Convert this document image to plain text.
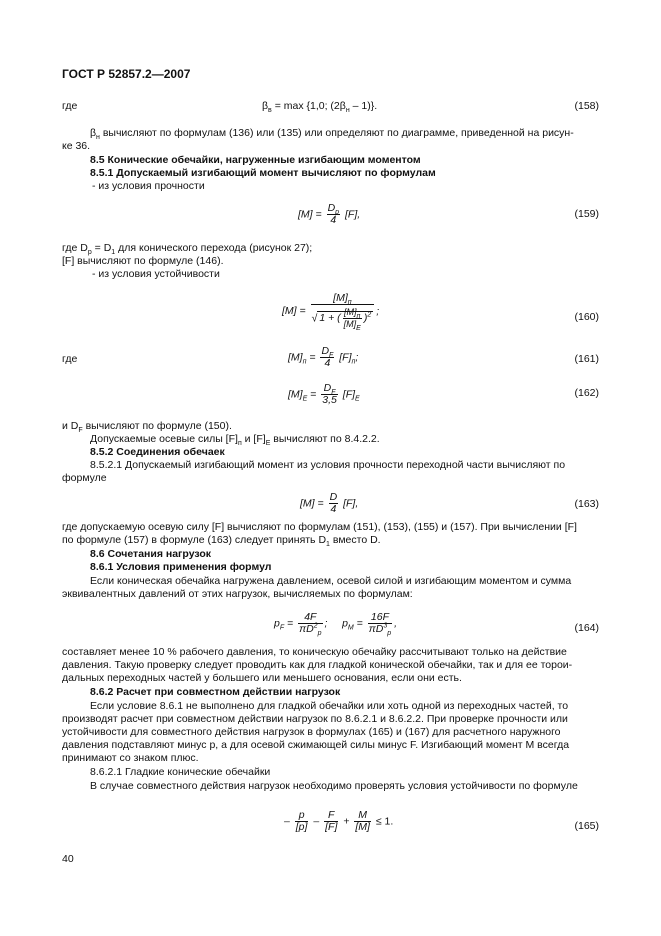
ГОСТ Р 52857.2—2007
где	$\beta_в = \max \{1,0$; $(2\beta_н - 1)$}.	(158)
$\beta_н$ вычисляют по формулам (136) или (135) или определяют по диаграмме, приведенной на рисун-
ке 36.
8.5 Конические обечайки, нагруженные изгибающим моментом
8.5.1 Допускаемый изгибающий момент вычисляют по формулам
- из условия прочности
$[M] = \frac{D_p}{4} [F]$,	(159)
где $D_p = D_1$ для конического перехода (рисунок 27);
[F] вычисляют по формуле (146).
- из условия устойчивости
$[M] = \frac{[M]_п}{√ 1 + ( \frac{[M]_п}{[M]_E} )^2}$ ;	(160)
где	$[M]_п = \frac{D_F}{4} [F]_п$;	(161)
$[M]_E = \frac{D_F}{3,5} [F]_E$	(162)
и $D_F$ вычисляют по формуле (150).
Допускаемые осевые силы $[F]_п$ и $[F]_E$ вычисляют по 8.4.2.2.
8.5.2 Соединения обечаек
8.5.2.1 Допускаемый изгибающий момент из условия прочности переходной части вычисляют по
формуле
$[M] = \frac{D}{4} [F]$,	(163)
где допускаемую осевую силу [F] вычисляют по формулам (151), (153), (155) и (157). При вычислении [F]
по формуле (157) в формуле (163) следует принять $D_1$ вместо D.
8.6 Сочетания нагрузок
8.6.1 Условия применения формул
Если коническая обечайка нагружена давлением, осевой силой и изгибающим моментом и сумма
эквивалентных давлений от этих нагрузок, вычисляемых по формулам:
$p_F = \frac{4F}{\pi D^2_p}$ ; $p_M = \frac{16F}{\pi D^3_p}$ ,	(164)
составляет менее 10 % рабочего давления, то коническую обечайку рассчитывают только на действие
давления. Такую проверку следует проводить как для гладкой конической обечайки, так и для ее торои-
дальных переходных частей у большего или меньшего основания, если они есть.
8.6.2 Расчет при совместном действии нагрузок
Если условие 8.6.1 не выполнено для гладкой обечайки или хоть одной из переходных частей, то
производят расчет при совместном действии нагрузок по 8.6.2.1 и 8.6.2.2. При проверке прочности или
устойчивости для совместного действия нагрузок в формулах (165) и (167) для расчетного наружного
давления подставляют минус p, а для осевой сжимающей силы минус F. Изгибающий момент M всегда
принимают со знаком плюс.
8.6.2.1 Гладкие конические обечайки
В случае совместного действия нагрузок необходимо проверять условия устойчивости по формуле
– $\frac{p}{[p]} - \frac{F}{[F]} + \frac{M}{[M]} \le 1$.	(165)
40
